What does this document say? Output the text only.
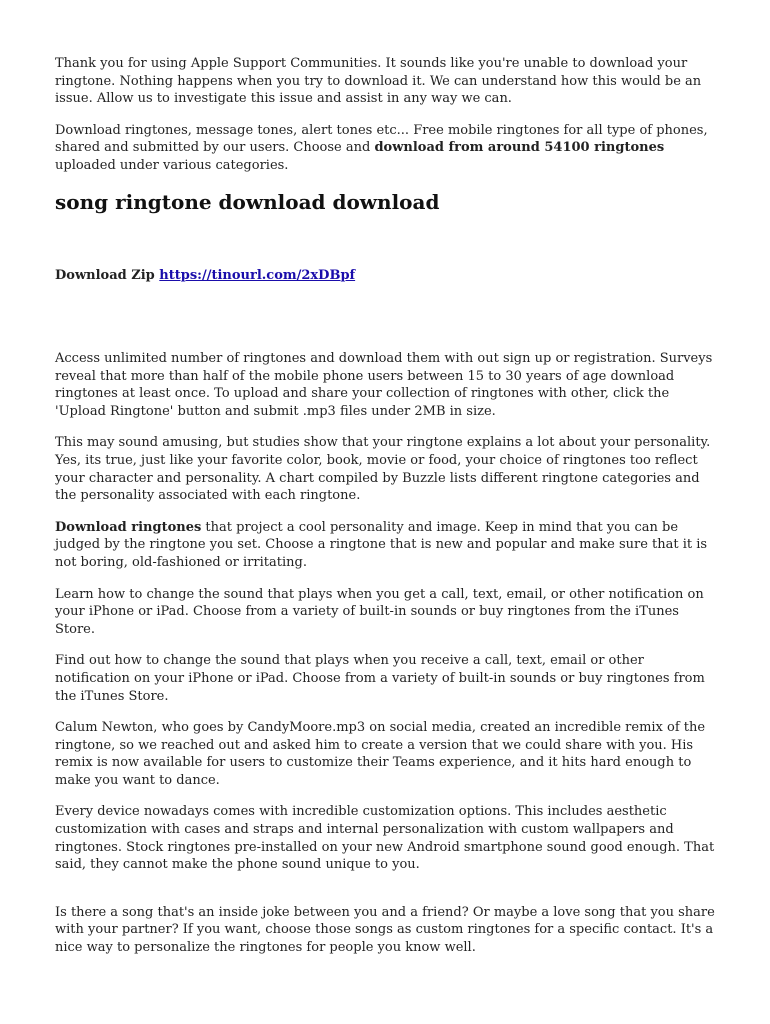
Thank you for using Apple Support Communities. It sounds like you're unable to download your ringtone. Nothing happens when you try to download it. We can understand how this would be an issue. Allow us to investigate this issue and assist in any way we can.

Download ringtones, message tones, alert tones etc... Free mobile ringtones for all type of phones, shared and submitted by our users. Choose and download from around 54100 ringtones uploaded under various categories.

song ringtone download download
Download Zip https://tinourl.com/2xDBpf

Access unlimited number of ringtones and download them with out sign up or registration. Surveys reveal that more than half of the mobile phone users between 15 to 30 years of age download ringtones at least once. To upload and share your collection of ringtones with other, click the 'Upload Ringtone' button and submit .mp3 files under 2MB in size.

This may sound amusing, but studies show that your ringtone explains a lot about your personality. Yes, its true, just like your favorite color, book, movie or food, your choice of ringtones too reflect your character and personality. A chart compiled by Buzzle lists different ringtone categories and the personality associated with each ringtone.

Download ringtones that project a cool personality and image. Keep in mind that you can be judged by the ringtone you set. Choose a ringtone that is new and popular and make sure that it is not boring, old-fashioned or irritating.

Learn how to change the sound that plays when you get a call, text, email, or other notification on your iPhone or iPad. Choose from a variety of built-in sounds or buy ringtones from the iTunes Store.

Find out how to change the sound that plays when you receive a call, text, email or other notification on your iPhone or iPad. Choose from a variety of built-in sounds or buy ringtones from the iTunes Store.

Calum Newton, who goes by CandyMoore.mp3 on social media, created an incredible remix of the ringtone, so we reached out and asked him to create a version that we could share with you. His remix is now available for users to customize their Teams experience, and it hits hard enough to make you want to dance.

Every device nowadays comes with incredible customization options. This includes aesthetic customization with cases and straps and internal personalization with custom wallpapers and ringtones. Stock ringtones pre-installed on your new Android smartphone sound good enough. That said, they cannot make the phone sound unique to you.

Is there a song that's an inside joke between you and a friend? Or maybe a love song that you share with your partner? If you want, choose those songs as custom ringtones for a specific contact. It's a nice way to personalize the ringtones for people you know well.
